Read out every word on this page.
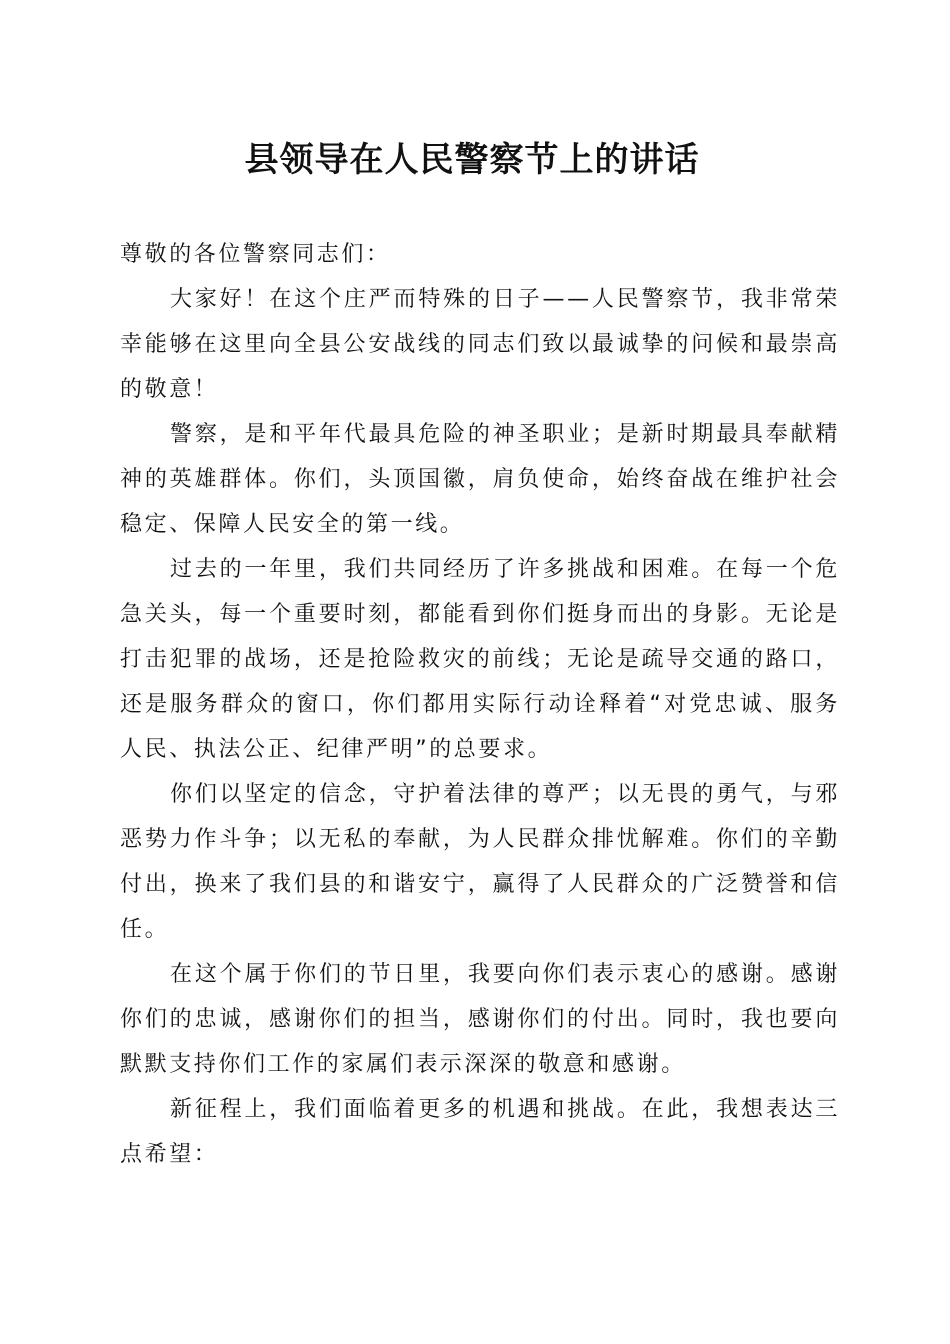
县领导在人民警察节上的讲话

尊敬的各位警察同志们：

大家好！在这个庄严而特殊的日子——人民警察节，我非常荣幸能够在这里向全县公安战线的同志们致以最诚挚的问候和最崇高的敬意！

警察，是和平年代最具危险的神圣职业；是新时期最具奉献精神的英雄群体。你们，头顶国徽，肩负使命，始终奋战在维护社会稳定、保障人民安全的第一线。

过去的一年里，我们共同经历了许多挑战和困难。在每一个危急关头，每一个重要时刻，都能看到你们挺身而出的身影。无论是打击犯罪的战场，还是抢险救灾的前线；无论是疏导交通的路口，还是服务群众的窗口，你们都用实际行动诠释着“对党忠诚、服务人民、执法公正、纪律严明”的总要求。

你们以坚定的信念，守护着法律的尊严；以无畏的勇气，与邪恶势力作斗争；以无私的奉献，为人民群众排忧解难。你们的辛勤付出，换来了我们县的和谐安宁，赢得了人民群众的广泛赞誉和信任。

在这个属于你们的节日里，我要向你们表示衷心的感谢。感谢你们的忠诚，感谢你们的担当，感谢你们的付出。同时，我也要向默默支持你们工作的家属们表示深深的敬意和感谢。

新征程上，我们面临着更多的机遇和挑战。在此，我想表达三点希望：
